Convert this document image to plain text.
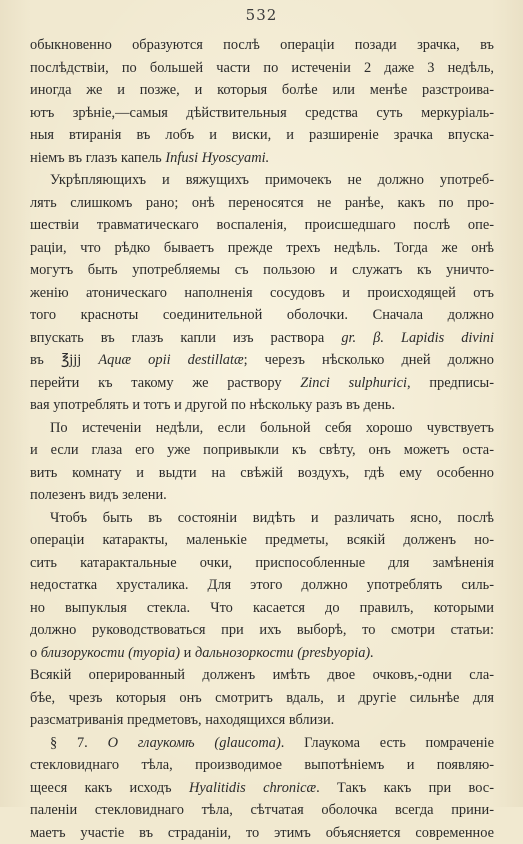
532
обыкновенно образуются послѣ операціи позади зрачка, въ
послѣдствіи, по большей части по истеченіи 2 даже 3 недѣль,
иногда же и позже, и которыя болѣе или менѣе разстроива-
ютъ зрѣніе,—самыя дѣйствительныя средства суть меркуріаль-
ныя втиранія въ лобъ и виски, и разширеніе зрачка впуска-
ніемъ въ глазъ капель Infusi Hyoscyami.
Укрѣпляющихъ и вяжущихъ примочекъ не должно употреб-
лять слишкомъ рано; онѣ переносятся не ранѣе, какъ по про-
шествіи травматическаго воспаленія, происшедшаго послѣ опе-
раціи, что рѣдко бываетъ прежде трехъ недѣль. Тогда же онѣ
могутъ быть употребляемы съ пользою и служатъ къ уничто-
женію атоническаго наполненія сосудовъ и происходящей отъ
того красноты соединительной оболочки. Сначала должно
впускать въ глазъ капли изъ раствора gr. β. Lapidis divini
въ ℥jjj Aquæ opii destillatæ; черезъ нѣсколько дней должно
перейти къ такому же раствору Zinci sulphurici, предписы-
вая употреблять и тотъ и другой по нѣскольку разъ въ день.
По истеченіи недѣли, если больной себя хорошо чувствуетъ
и если глаза его уже попривыкли къ свѣту, онъ можетъ оста-
вить комнату и выдти на свѣжій воздухъ, гдѣ ему особенно
полезенъ видъ зелени.
Чтобъ быть въ состояніи видѣть и различать ясно, послѣ
операціи катаракты, маленькіе предметы, всякій долженъ но-
сить катарактальные очки, приспособленные для замѣненія
недостатка хрусталика. Для этого должно употреблять силь-
но выпуклыя стекла. Что касается до правилъ, которыми
должно руководствоваться при ихъ выборѣ, то смотри статьи:
о близорукости (myopia) и дальнозоркости (presbyopia).
Всякій оперированный долженъ имѣть двое очковъ,-одни сла-
бѣе, чрезъ которыя онъ смотритъ вдаль, и другіе сильнѣе для
разсматриванія предметовъ, находящихся вблизи.
§ 7. О глаукомѣ (glaucoma). Глаукома есть помраченіе
стекловиднаго тѣла, производимое выпотѣніемъ и появляю-
щееся какъ исходъ Hyalitidis chronicæ. Такъ какъ при вос-
паленіи стекловиднаго тѣла, сѣтчатая оболочка всегда прини-
маетъ участіе въ страданіи, то этимъ объясняется современное
